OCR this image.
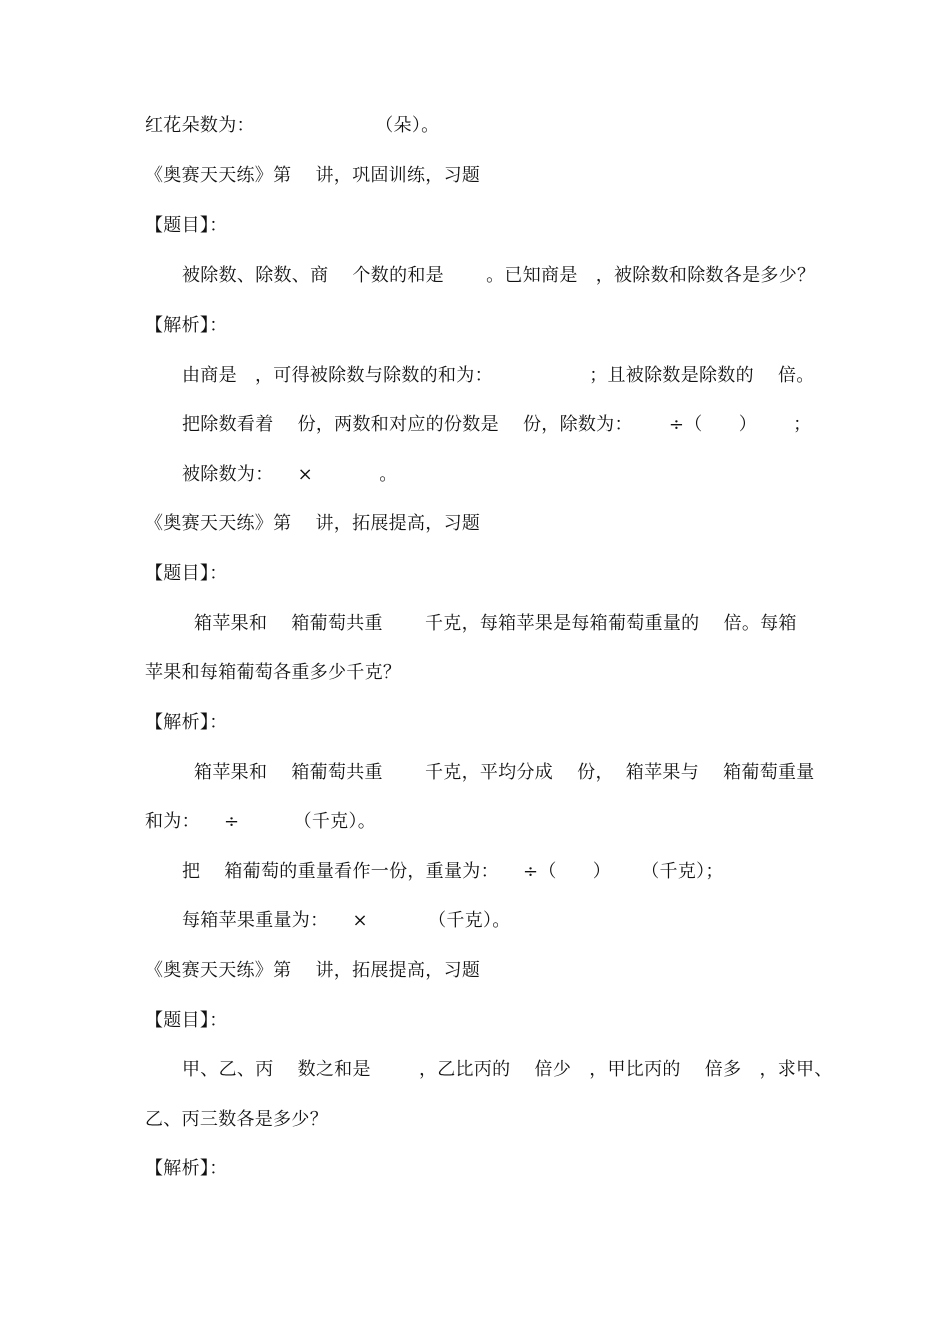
红花朵数为：                    （朵）。
《奥赛天天练》第    讲，巩固训练，习题
【题目】：
被除数、除数、商    个数的和是       。已知商是   ，被除数和除数各是多少？
【解析】：
由商是   ，可得被除数与除数的和为：                ；且被除数是除数的    倍。
把除数看着    份，两数和对应的份数是    份，除数为：      ÷（      ）      ；
被除数为：    ×           。
《奥赛天天练》第    讲，拓展提高，习题
【题目】：
箱苹果和    箱葡萄共重       千克，每箱苹果是每箱葡萄重量的    倍。每箱
苹果和每箱葡萄各重多少千克？
【解析】：
箱苹果和    箱葡萄共重       千克，平均分成    份，  箱苹果与    箱葡萄重量
和为：    ÷         （千克）。
把    箱葡萄的重量看作一份，重量为：    ÷（      ）     （千克）；
每箱苹果重量为：    ×          （千克）。
《奥赛天天练》第    讲，拓展提高，习题
【题目】：
甲、乙、丙    数之和是        ，乙比丙的    倍少   ，甲比丙的    倍多   ，求甲、
乙、丙三数各是多少？
【解析】：
